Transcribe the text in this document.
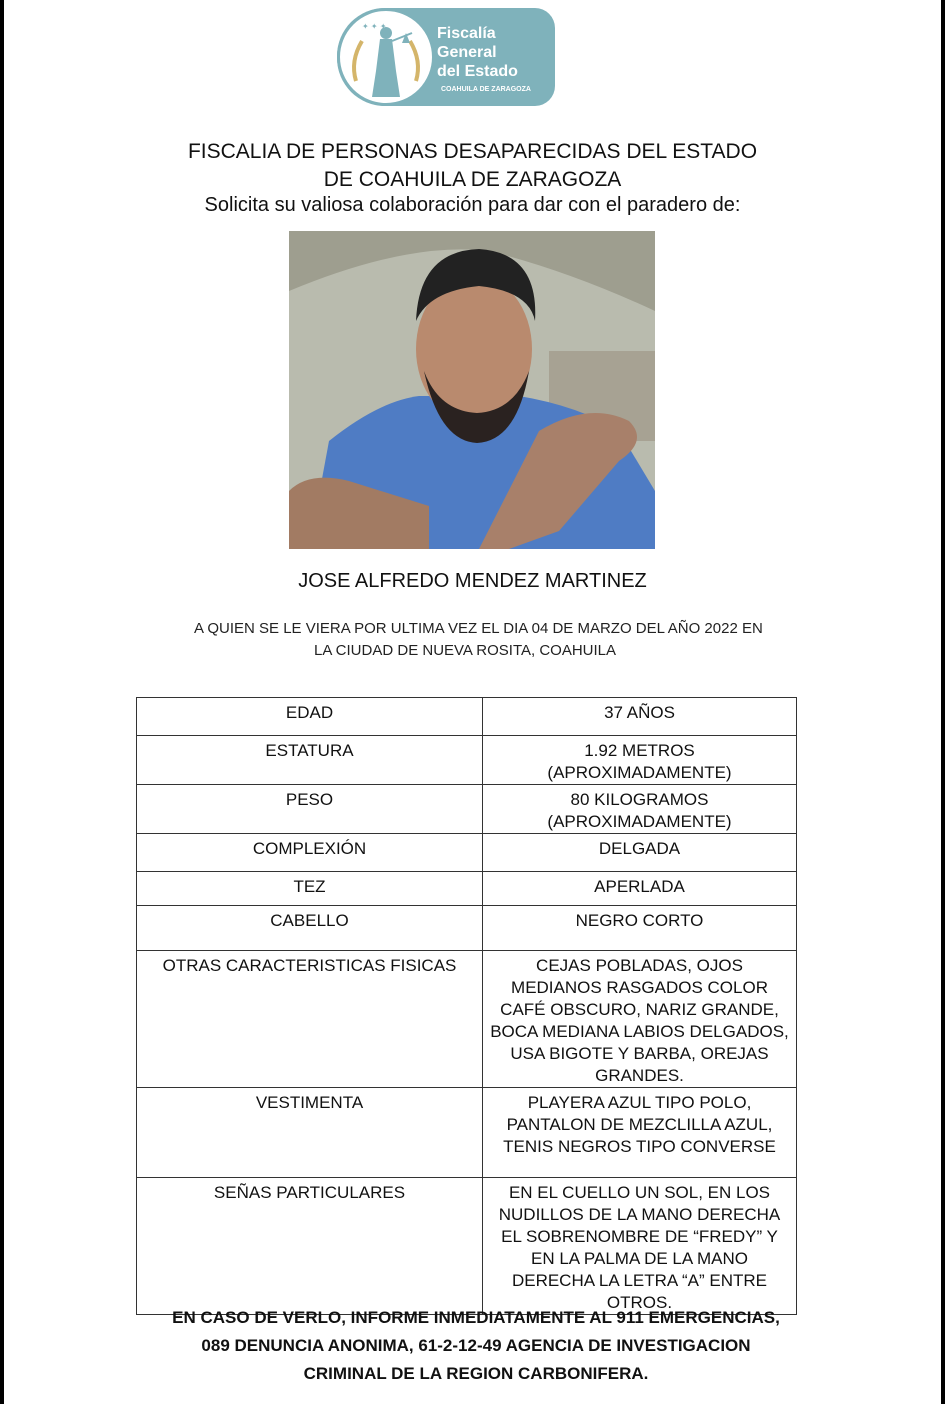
✦ ✦ ✦	Fiscalía
General
del Estado
COAHUILA DE ZARAGOZA
FISCALIA DE PERSONAS DESAPARECIDAS DEL ESTADO
DE COAHUILA DE ZARAGOZA
Solicita su valiosa colaboración para dar con el paradero de:
JOSE ALFREDO MENDEZ MARTINEZ
A QUIEN SE LE VIERA POR ULTIMA VEZ EL DIA 04 DE MARZO DEL AÑO 2022 EN
LA CIUDAD DE NUEVA ROSITA, COAHUILA
EDAD	37 AÑOS
ESTATURA	1.92 METROS (APROXIMADAMENTE)
PESO	80 KILOGRAMOS (APROXIMADAMENTE)
COMPLEXIÓN	DELGADA
TEZ	APERLADA
CABELLO	NEGRO CORTO
OTRAS CARACTERISTICAS FISICAS	CEJAS POBLADAS, OJOS MEDIANOS RASGADOS COLOR CAFÉ OBSCURO, NARIZ GRANDE, BOCA MEDIANA LABIOS DELGADOS, USA BIGOTE Y BARBA, OREJAS GRANDES.
VESTIMENTA	PLAYERA AZUL TIPO POLO, PANTALON DE MEZCLILLA AZUL, TENIS NEGROS TIPO CONVERSE
SEÑAS PARTICULARES	EN EL CUELLO UN SOL, EN LOS NUDILLOS DE LA MANO DERECHA EL SOBRENOMBRE DE “FREDY” Y EN LA PALMA DE LA MANO DERECHA LA LETRA “A” ENTRE OTROS.
EN CASO DE VERLO, INFORME INMEDIATAMENTE AL 911 EMERGENCIAS,
089 DENUNCIA ANONIMA, 61-2-12-49 AGENCIA DE INVESTIGACION
CRIMINAL DE LA REGION CARBONIFERA.
